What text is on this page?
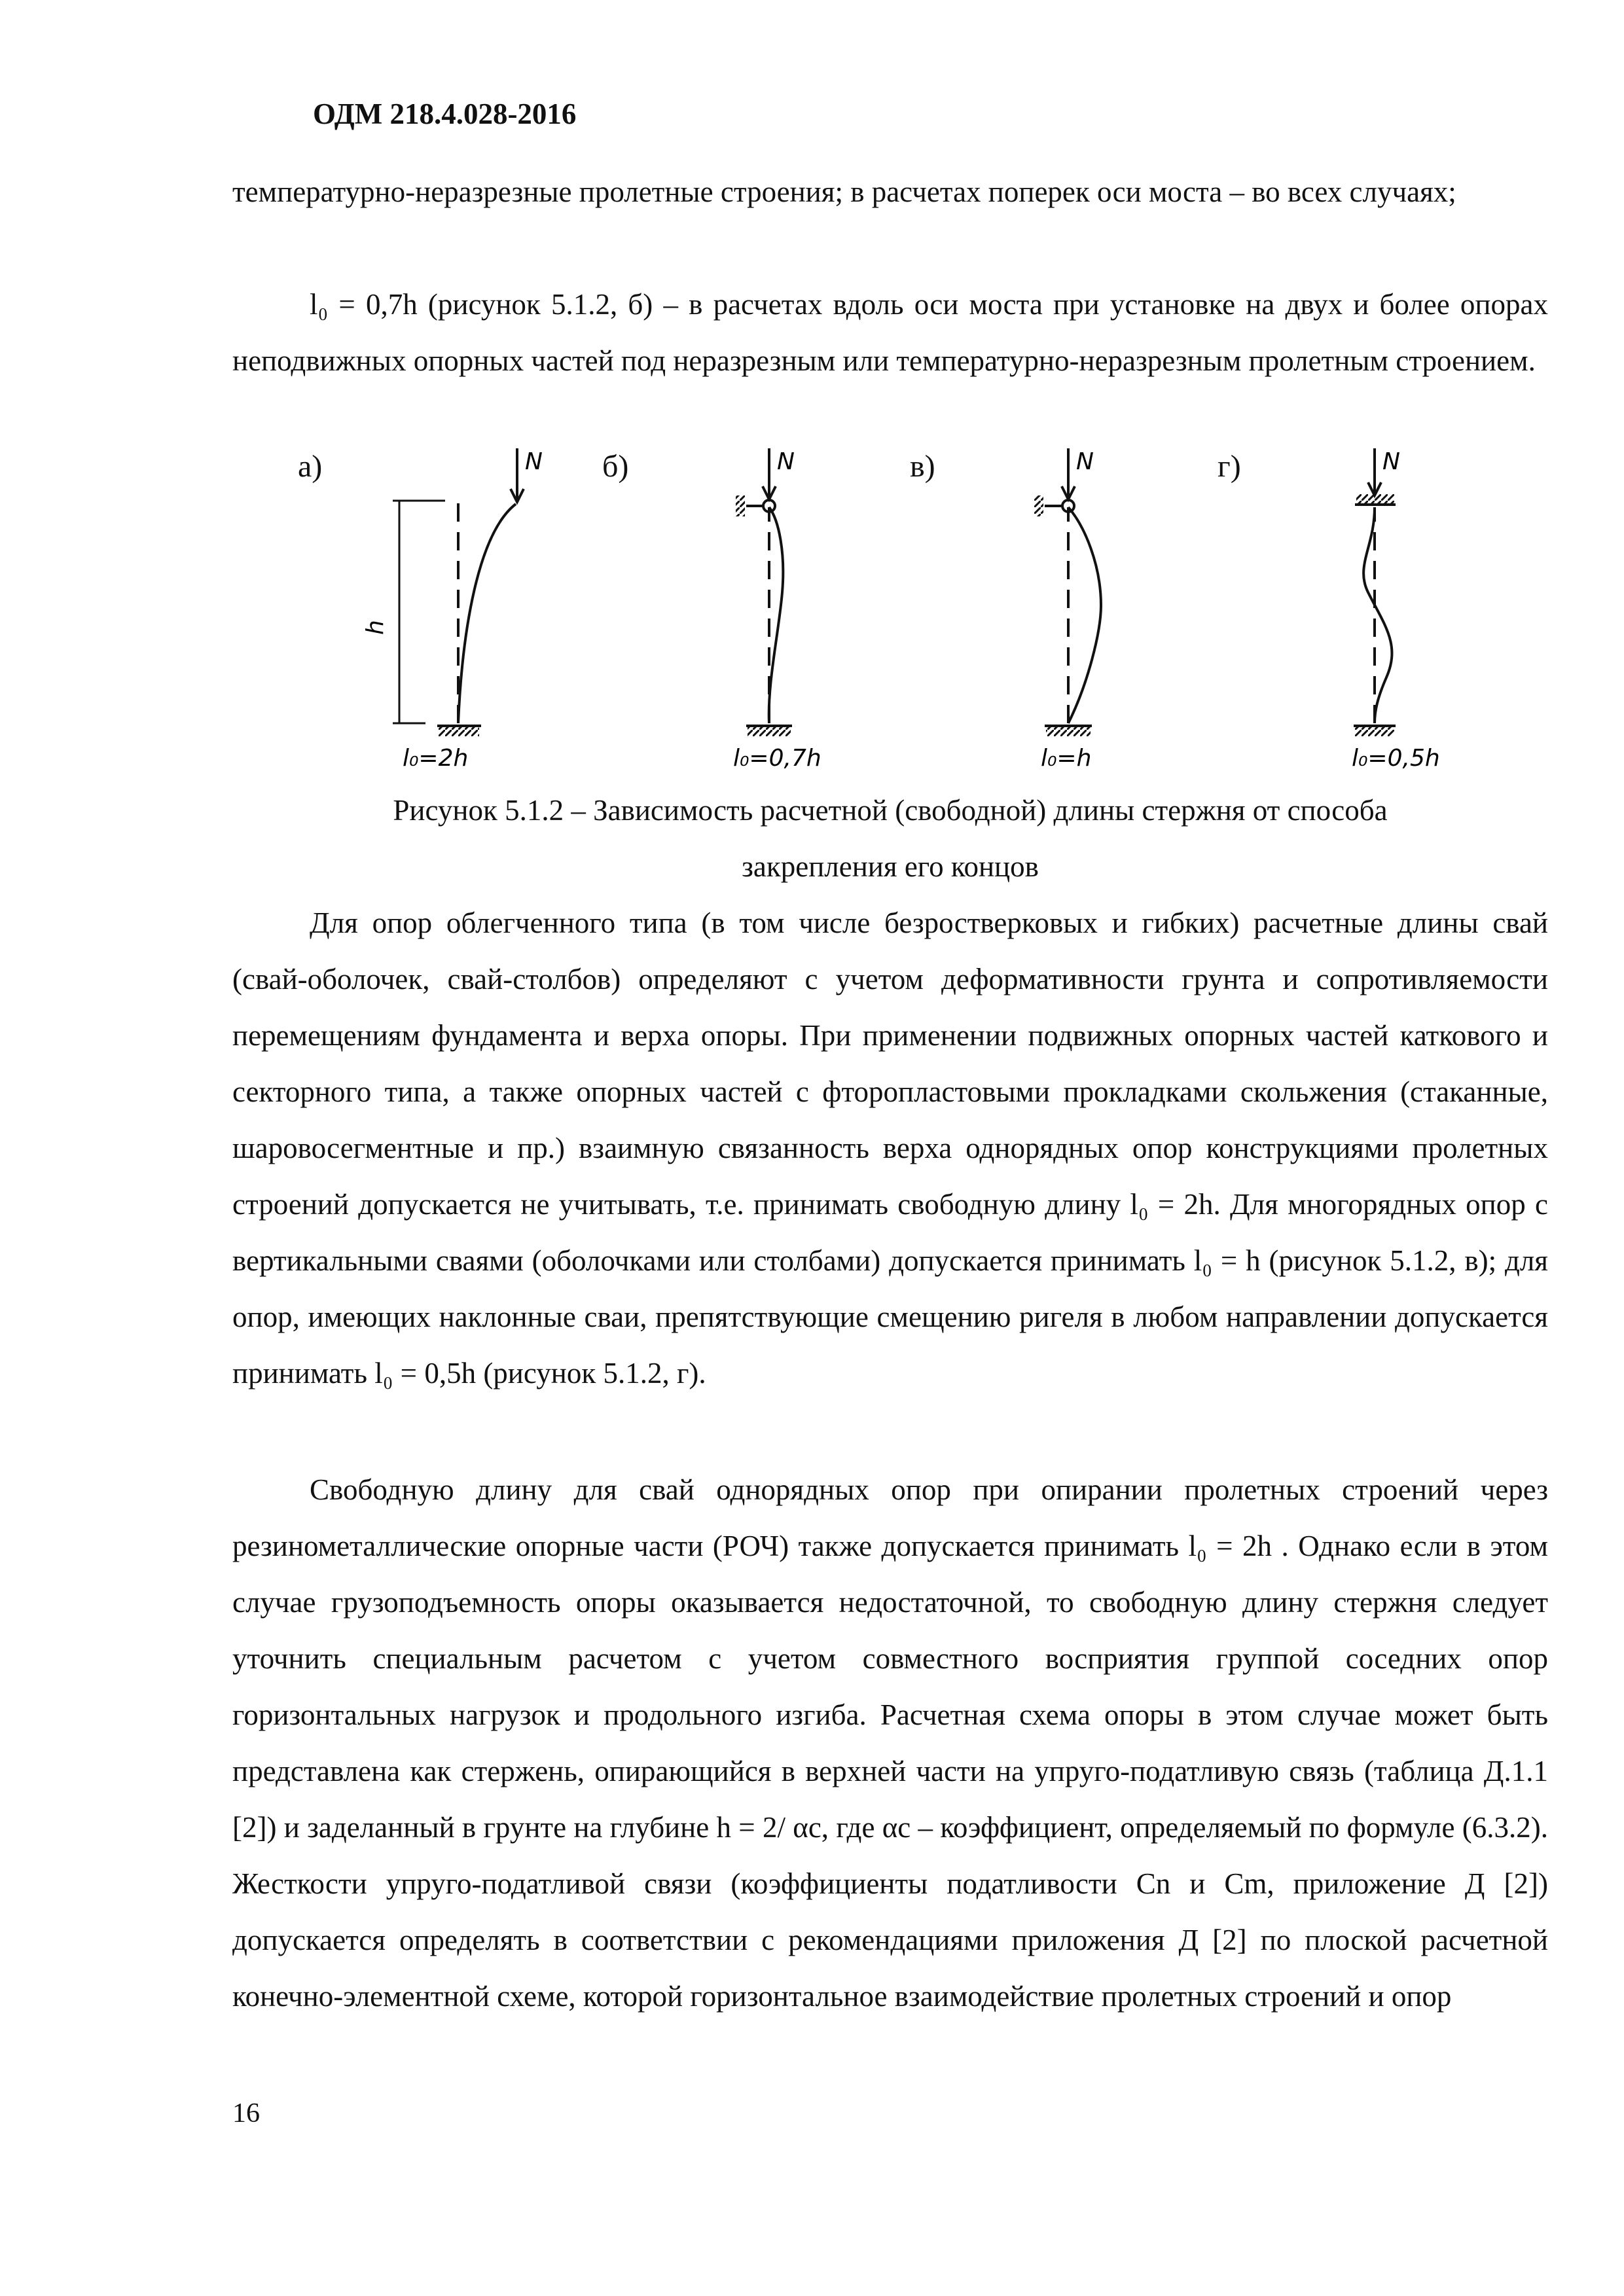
ОДМ 218.4.028-2016

температурно-неразрезные пролетные строения; в расчетах поперек оси моста – во всех случаях;

l₀ = 0,7h (рисунок 5.1.2, б) – в расчетах вдоль оси моста при установке на двух и более опорах неподвижных опорных частей под неразрезным или температурно-неразрезным пролетным строением.

а)	б)	в)	г)
h
N	N	N	N
l₀=2h	l₀=0,7h	l₀=h	l₀=0,5h

Рисунок 5.1.2 – Зависимость расчетной (свободной) длины стержня от способа

закрепления его концов

Для опор облегченного типа (в том числе безростверковых и гибких) расчетные длины свай (свай-оболочек, свай-столбов) определяют с учетом деформативности грунта и сопротивляемости перемещениям фундамента и верха опоры. При применении подвижных опорных частей каткового и секторного типа, а также опорных частей с фторопластовыми прокладками скольжения (стаканные, шаровосегментные и пр.) взаимную связанность верха однорядных опор конструкциями пролетных строений допускается не учитывать, т.е. принимать свободную длину l₀ = 2h. Для многорядных опор с вертикальными сваями (оболочками или столбами) допускается принимать l₀ = h (рисунок 5.1.2, в); для опор, имеющих наклонные сваи, препятствующие смещению ригеля в любом направлении допускается принимать l₀ = 0,5h (рисунок 5.1.2, г).

Свободную длину для свай однорядных опор при опирании пролетных строений через резинометаллические опорные части (РОЧ) также допускается принимать l₀ = 2h . Однако если в этом случае грузоподъемность опоры оказывается недостаточной, то свободную длину стержня следует уточнить специальным расчетом с учетом совместного восприятия группой соседних опор горизонтальных нагрузок и продольного изгиба. Расчетная схема опоры в этом случае может быть представлена как стержень, опирающийся в верхней части на упруго-податливую связь (таблица Д.1.1 [2]) и заделанный в грунте на глубине h = 2/ αc, где αc – коэффициент, определяемый по формуле (6.3.2). Жесткости упруго-податливой связи (коэффициенты податливости Cn и Cm, приложение Д [2]) допускается определять в соответствии с рекомендациями приложения Д [2] по плоской расчетной конечно-элементной схеме, которой горизонтальное взаимодействие пролетных строений и опор

16
